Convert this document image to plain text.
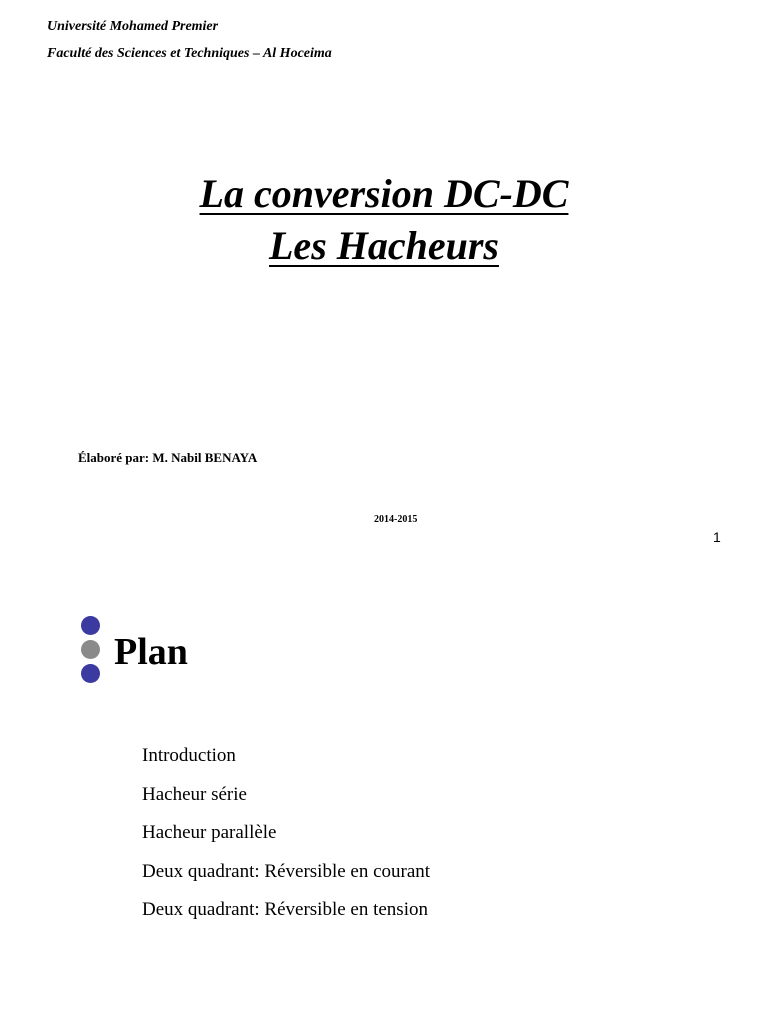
Université Mohamed Premier
Faculté des Sciences et Techniques – Al Hoceima
La conversion DC-DC
Les Hacheurs
Élaboré par: M. Nabil BENAYA
2014-2015
1
Plan
Introduction
Hacheur série
Hacheur parallèle
Deux quadrant: Réversible en courant
Deux quadrant: Réversible en tension
